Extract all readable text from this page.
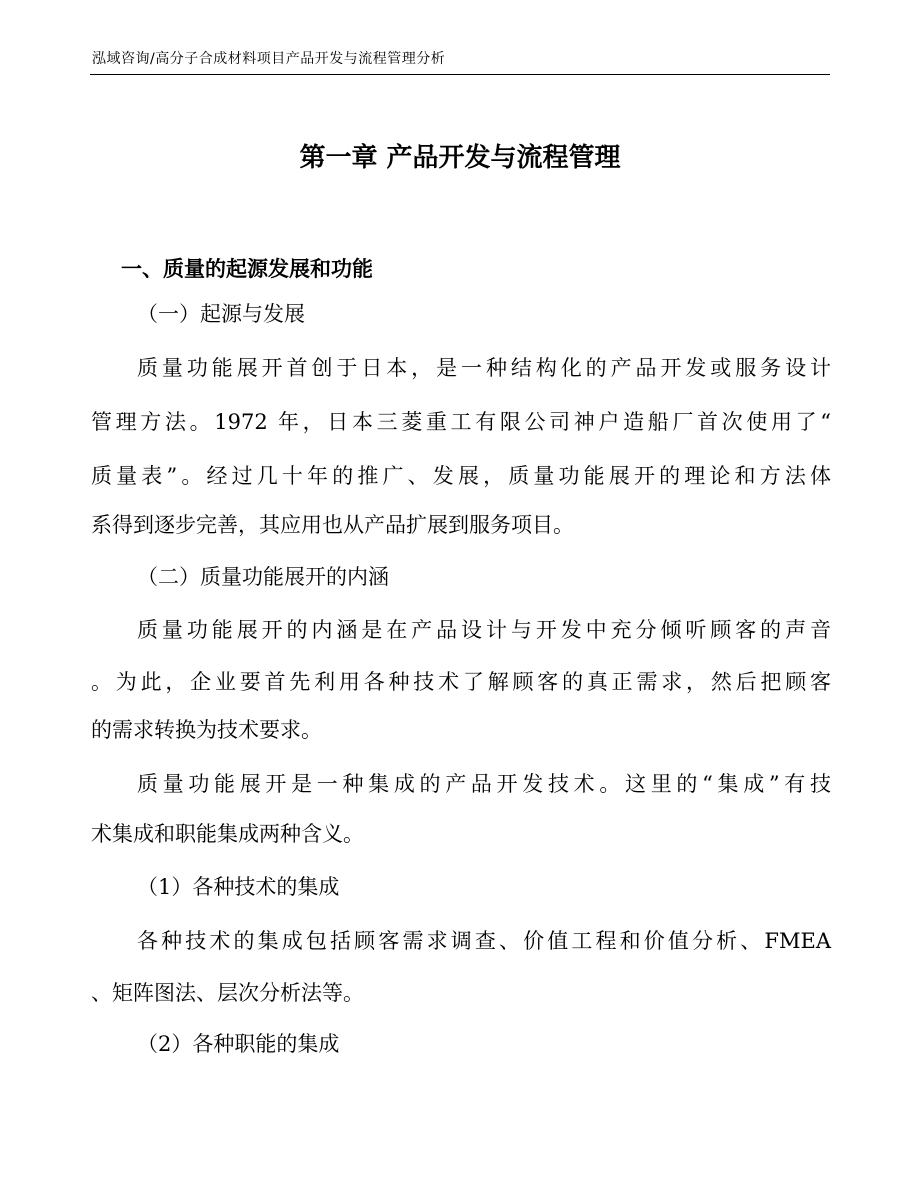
泓域咨询/高分子合成材料项目产品开发与流程管理分析
第一章 产品开发与流程管理
一、质量的起源发展和功能
（一）起源与发展
质量功能展开首创于日本，是一种结构化的产品开发或服务设计
管理方法。1972 年，日本三菱重工有限公司神户造船厂首次使用了“
质量表”。经过几十年的推广、发展，质量功能展开的理论和方法体
系得到逐步完善，其应用也从产品扩展到服务项目。
（二）质量功能展开的内涵
质量功能展开的内涵是在产品设计与开发中充分倾听顾客的声音
。为此，企业要首先利用各种技术了解顾客的真正需求，然后把顾客
的需求转换为技术要求。
质量功能展开是一种集成的产品开发技术。这里的“集成”有技
术集成和职能集成两种含义。
（1）各种技术的集成
各种技术的集成包括顾客需求调查、价值工程和价值分析、FMEA
、矩阵图法、层次分析法等。
（2）各种职能的集成
